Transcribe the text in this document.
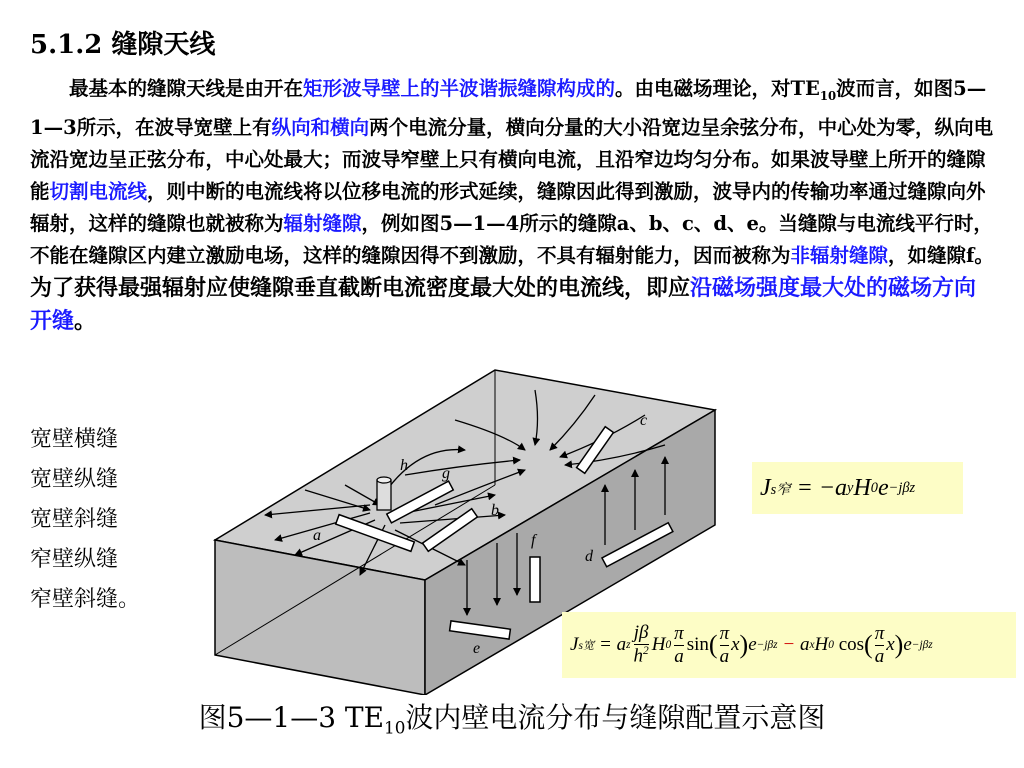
5.1.2 缝隙天线

最基本的缝隙天线是由开在矩形波导壁上的半波谐振缝隙构成的。由电磁场理论，对$TE_{10}$波而言，如图5—1—3所示，在波导宽壁上有纵向和横向两个电流分量，横向分量的大小沿宽边呈余弦分布，中心处为零，纵向电流沿宽边呈正弦分布，中心处最大；而波导窄壁上只有横向电流，且沿窄边均匀分布。如果波导壁上所开的缝隙能切割电流线，则中断的电流线将以位移电流的形式延续，缝隙因此得到激励，波导内的传输功率通过缝隙向外辐射，这样的缝隙也就被称为辐射缝隙，例如图5—1—4所示的缝隙a、b、c、d、e。当缝隙与电流线平行时，不能在缝隙区内建立激励电场，这样的缝隙因得不到激励，不具有辐射能力，因而被称为非辐射缝隙，如缝隙f。为了获得最强辐射应使缝隙垂直截断电流密度最大处的电流线，即应沿磁场强度最大处的磁场方向开缝。

宽壁横缝
宽壁纵缝
宽壁斜缝
窄壁纵缝
窄壁斜缝。
a
b
c
d
e
f
g
h
J s窄
= − a y H 0 e −jβz
J s宽
=
a z $\frac{j\beta}{h^2}$ H $0 \frac{\pi}{a}$ sin ( $\frac{\pi}{a}$ x ) e −jβz
−
a x H 0
cos ( $\frac{\pi}{a}$ x ) e −jβz
图5—1—3 $TE_{10}$波内壁电流分布与缝隙配置示意图
